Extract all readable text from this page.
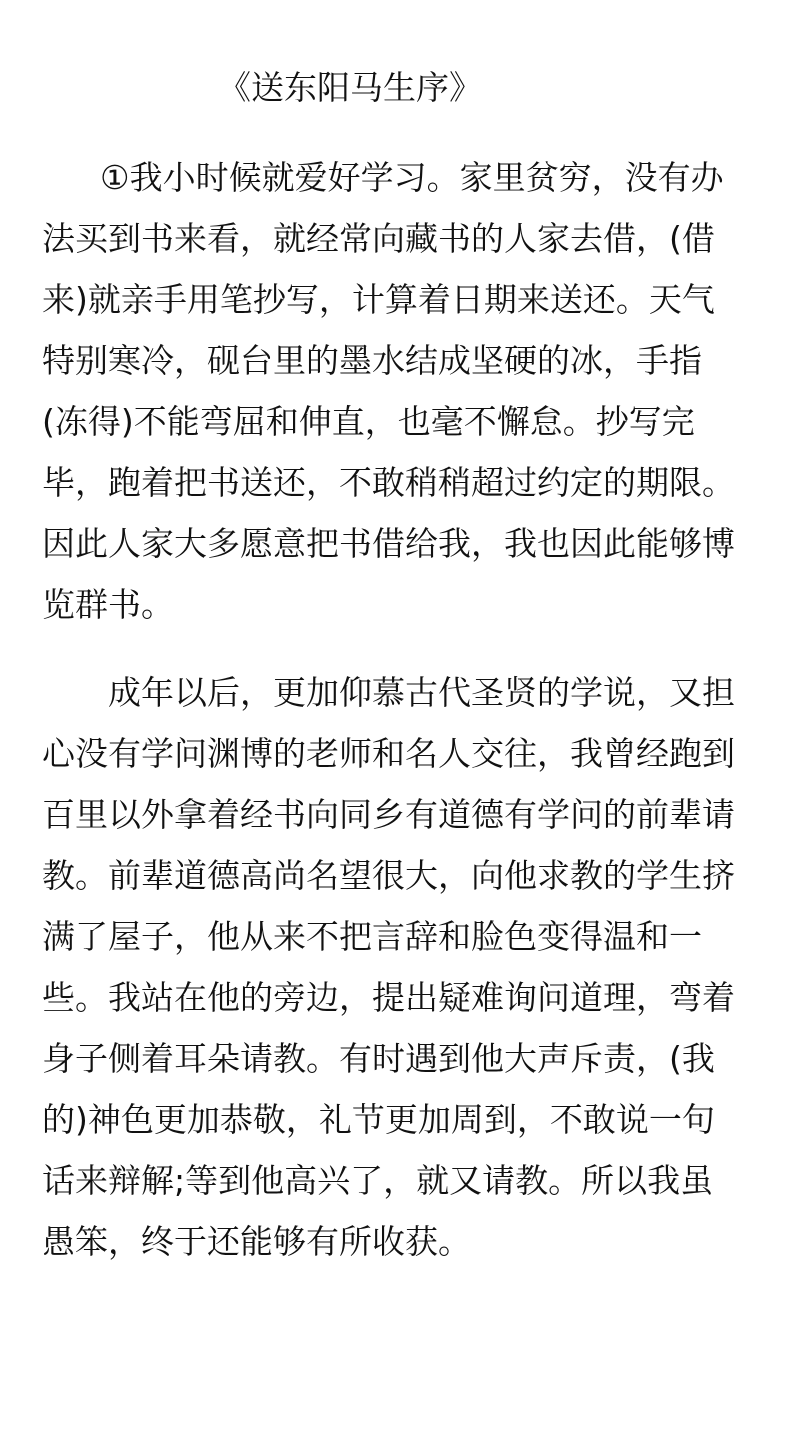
《送东阳马生序》
①我小时候就爱好学习。家里贫穷，没有办
法买到书来看，就经常向藏书的人家去借，(借
来)就亲手用笔抄写，计算着日期来送还。天气
特别寒冷，砚台里的墨水结成坚硬的冰，手指
(冻得)不能弯屈和伸直，也毫不懈怠。抄写完
毕，跑着把书送还，不敢稍稍超过约定的期限。
因此人家大多愿意把书借给我，我也因此能够博
览群书。
成年以后，更加仰慕古代圣贤的学说，又担
心没有学问渊博的老师和名人交往，我曾经跑到
百里以外拿着经书向同乡有道德有学问的前辈请
教。前辈道德高尚名望很大，向他求教的学生挤
满了屋子，他从来不把言辞和脸色变得温和一
些。我站在他的旁边，提出疑难询问道理，弯着
身子侧着耳朵请教。有时遇到他大声斥责，(我
的)神色更加恭敬，礼节更加周到，不敢说一句
话来辩解;等到他高兴了，就又请教。所以我虽
愚笨，终于还能够有所收获。
